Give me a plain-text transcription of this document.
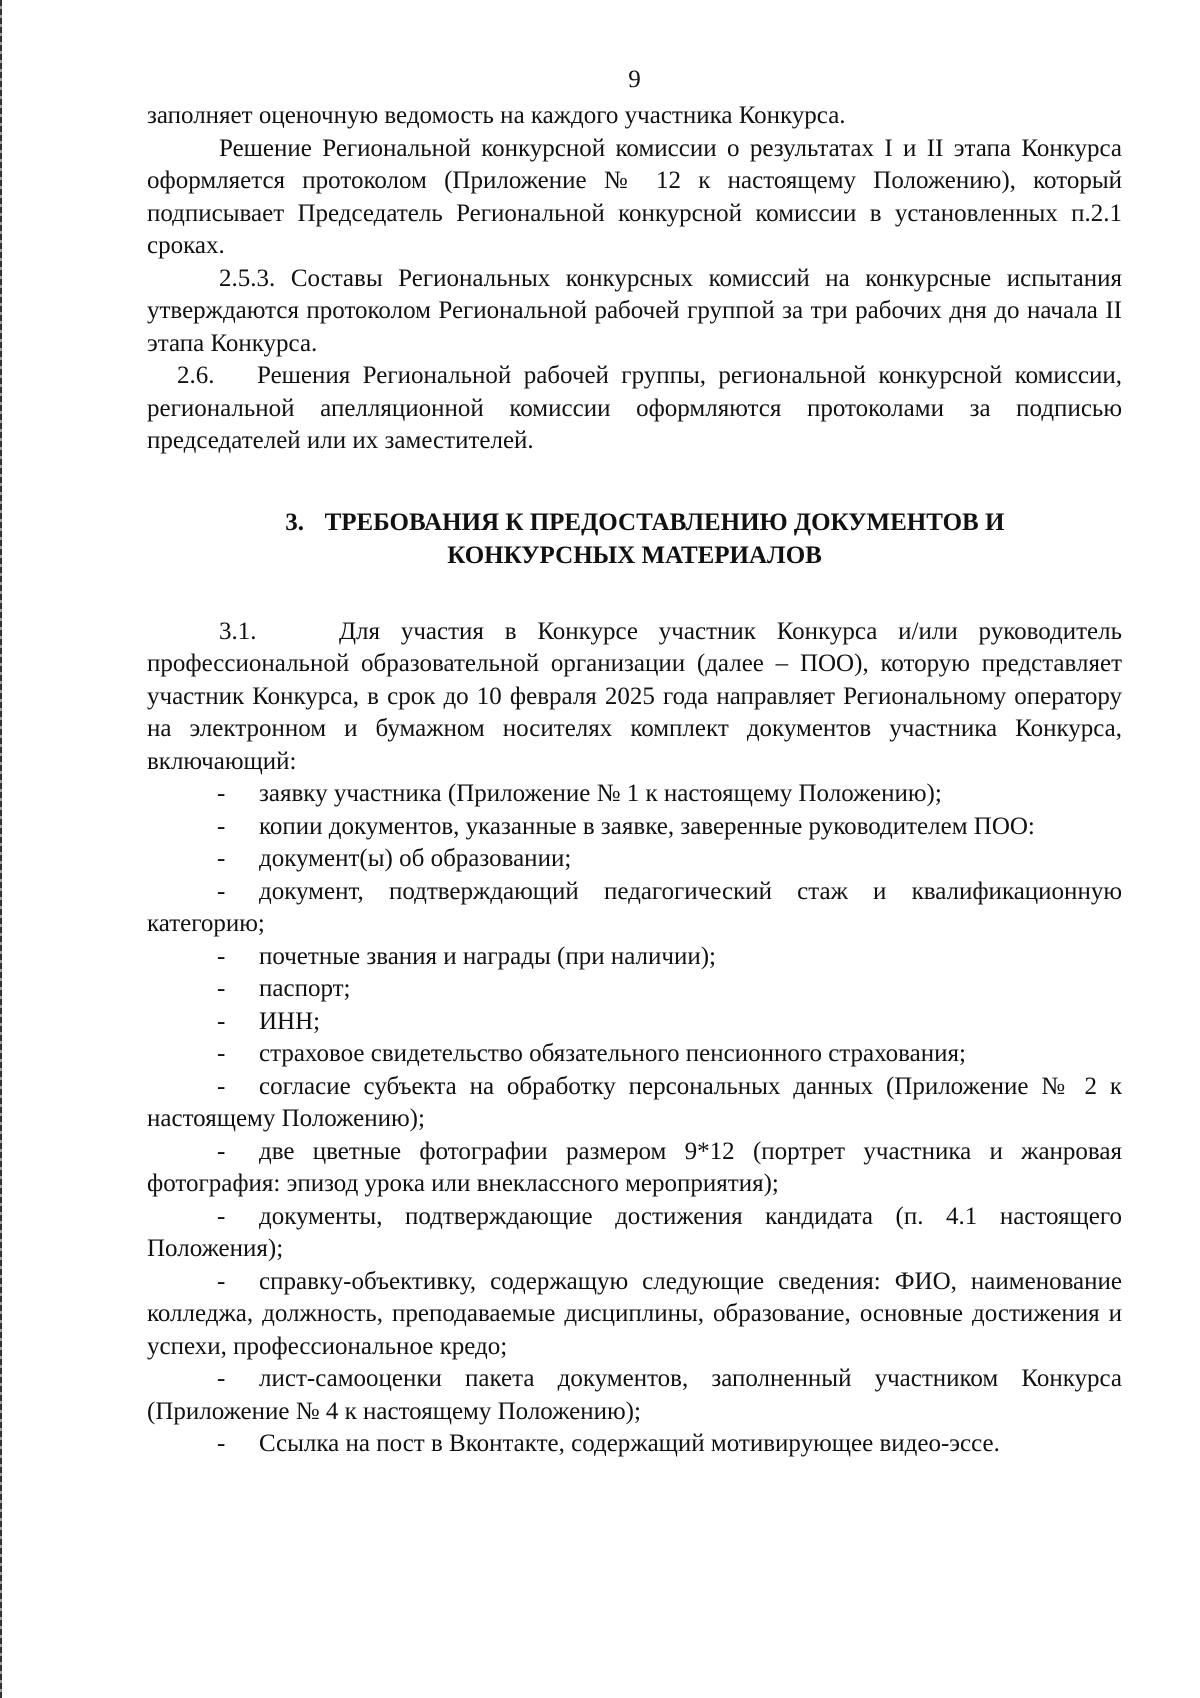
9

заполняет оценочную ведомость на каждого участника Конкурса.

Решение Региональной конкурсной комиссии о результатах I и II этапа Конкурса оформляется протоколом (Приложение № 12 к настоящему Положению), который подписывает Председатель Региональной конкурсной комиссии в установленных п.2.1 сроках.

2.5.3. Составы Региональных конкурсных комиссий на конкурсные испытания утверждаются протоколом Региональной рабочей группой за три рабочих дня до начала II этапа Конкурса.

2.6. Решения Региональной рабочей группы, региональной конкурсной комиссии, региональной апелляционной комиссии оформляются протоколами за подписью председателей или их заместителей.

3. ТРЕБОВАНИЯ К ПРЕДОСТАВЛЕНИЮ ДОКУМЕНТОВ И
КОНКУРСНЫХ МАТЕРИАЛОВ

3.1.	Для участия в Конкурсе участник Конкурса и/или руководитель профессиональной образовательной организации (далее – ПОО), которую представляет участник Конкурса, в срок до 10 февраля 2025 года направляет Региональному оператору на электронном и бумажном носителях комплект документов участника Конкурса, включающий:

- заявку участника (Приложение № 1 к настоящему Положению);

- копии документов, указанные в заявке, заверенные руководителем ПОО:

- документ(ы) об образовании;

- документ, подтверждающий педагогический стаж и квалификационную категорию;

- почетные звания и награды (при наличии);

- паспорт;

- ИНН;

- страховое свидетельство обязательного пенсионного страхования;

- согласие субъекта на обработку персональных данных (Приложение № 2 к настоящему Положению);

- две цветные фотографии размером 9*12 (портрет участника и жанровая фотография: эпизод урока или внеклассного мероприятия);

- документы, подтверждающие достижения кандидата (п. 4.1 настоящего Положения);

- справку-объективку, содержащую следующие сведения: ФИО, наименование колледжа, должность, преподаваемые дисциплины, образование, основные достижения и успехи, профессиональное кредо;

- лист-самооценки пакета документов, заполненный участником Конкурса (Приложение № 4 к настоящему Положению);

- Ссылка на пост в Вконтакте, содержащий мотивирующее видео-эссе.
